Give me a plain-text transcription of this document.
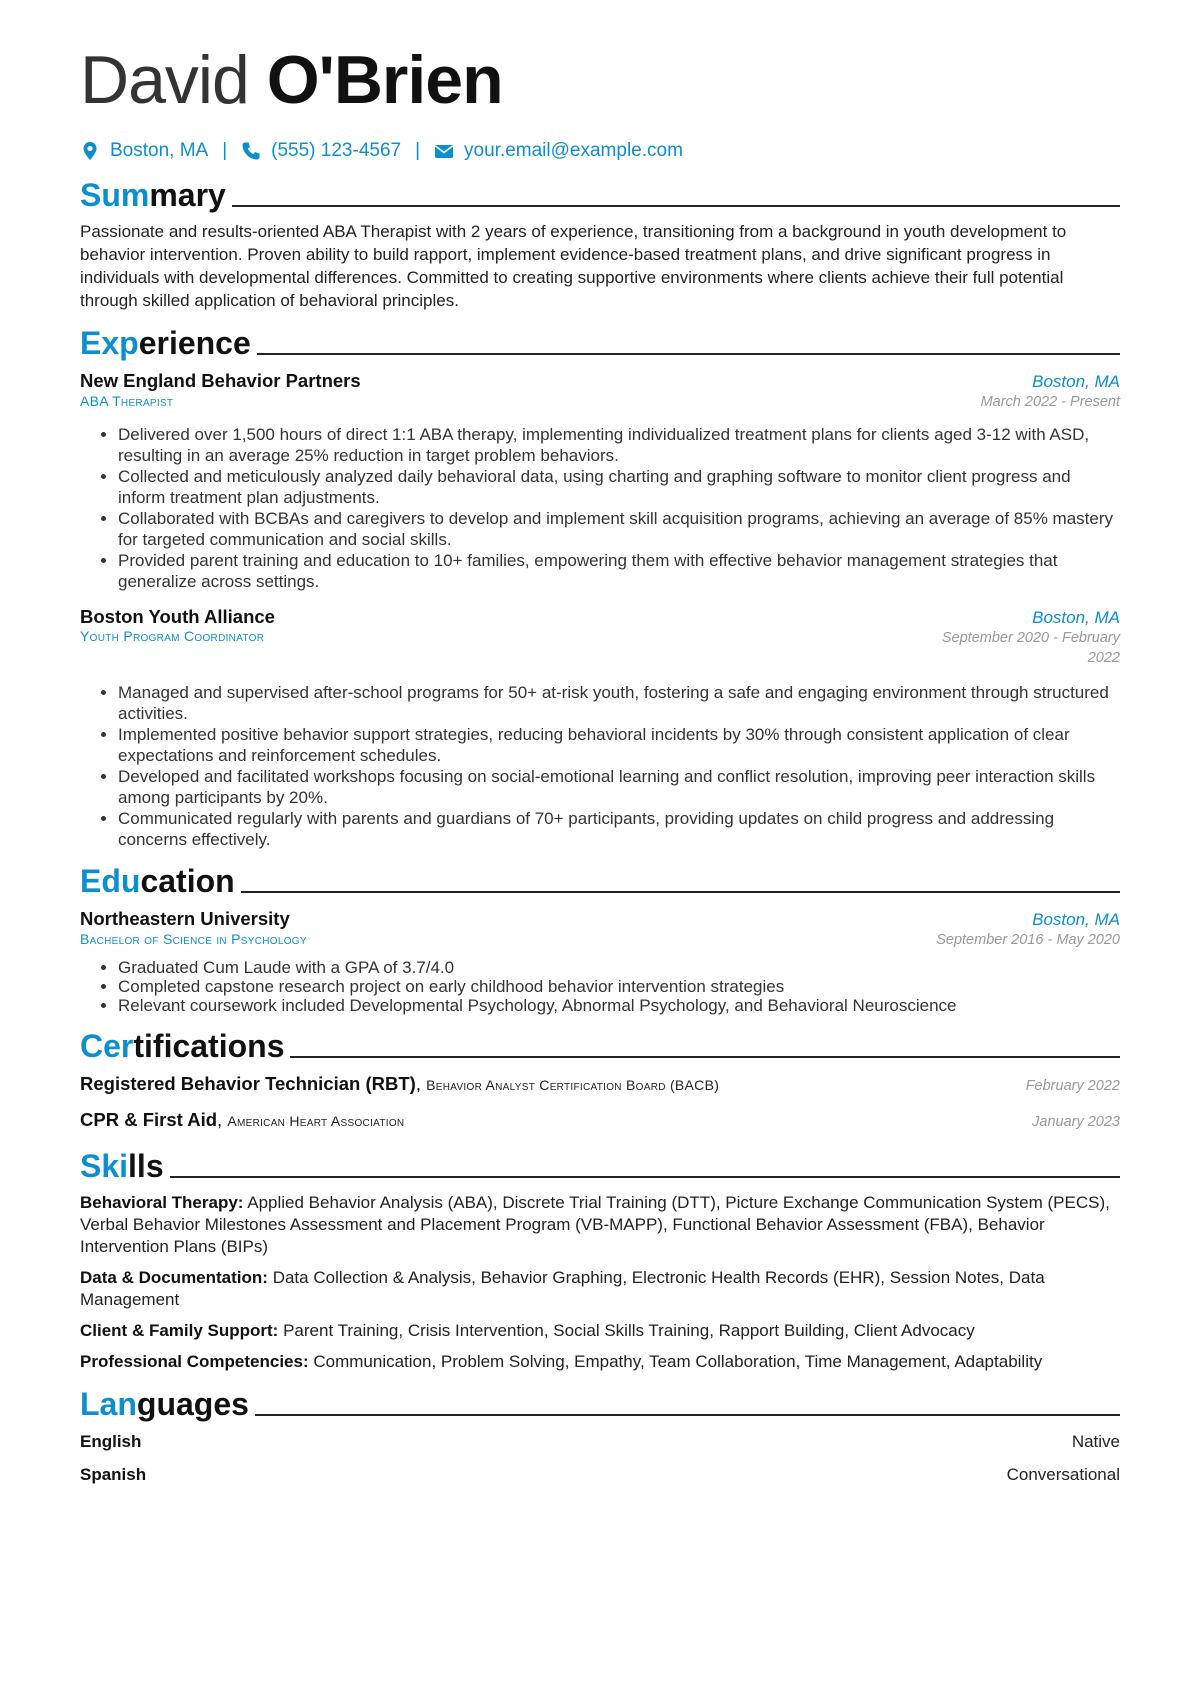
David O'Brien
Boston, MA | (555) 123-4567 | your.email@example.com
Summary

Passionate and results-oriented ABA Therapist with 2 years of experience, transitioning from a background in youth development to behavior intervention. Proven ability to build rapport, implement evidence-based treatment plans, and drive significant progress in individuals with developmental differences. Committed to creating supportive environments where clients achieve their full potential through skilled application of behavioral principles.

Experience
New England Behavior Partners	Boston, MA
ABA Therapist	March 2022 - Present
• Delivered over 1,500 hours of direct 1:1 ABA therapy, implementing individualized treatment plans for clients aged 3-12 with ASD, resulting in an average 25% reduction in target problem behaviors.
• Collected and meticulously analyzed daily behavioral data, using charting and graphing software to monitor client progress and inform treatment plan adjustments.
• Collaborated with BCBAs and caregivers to develop and implement skill acquisition programs, achieving an average of 85% mastery for targeted communication and social skills.
• Provided parent training and education to 10+ families, empowering them with effective behavior management strategies that generalize across settings.
Boston Youth Alliance	Boston, MA
Youth Program Coordinator	September 2020 - February 2022
• Managed and supervised after-school programs for 50+ at-risk youth, fostering a safe and engaging environment through structured activities.
• Implemented positive behavior support strategies, reducing behavioral incidents by 30% through consistent application of clear expectations and reinforcement schedules.
• Developed and facilitated workshops focusing on social-emotional learning and conflict resolution, improving peer interaction skills among participants by 20%.
• Communicated regularly with parents and guardians of 70+ participants, providing updates on child progress and addressing concerns effectively.
Education
Northeastern University	Boston, MA
Bachelor of Science in Psychology	September 2016 - May 2020
• Graduated Cum Laude with a GPA of 3.7/4.0
• Completed capstone research project on early childhood behavior intervention strategies
• Relevant coursework included Developmental Psychology, Abnormal Psychology, and Behavioral Neuroscience
Certifications
Registered Behavior Technician (RBT), Behavior Analyst Certification Board (BACB)	February 2022
CPR & First Aid, American Heart Association	January 2023
Skills
Behavioral Therapy: Applied Behavior Analysis (ABA), Discrete Trial Training (DTT), Picture Exchange Communication System (PECS), Verbal Behavior Milestones Assessment and Placement Program (VB-MAPP), Functional Behavior Assessment (FBA), Behavior Intervention Plans (BIPs)
Data & Documentation: Data Collection & Analysis, Behavior Graphing, Electronic Health Records (EHR), Session Notes, Data Management
Client & Family Support: Parent Training, Crisis Intervention, Social Skills Training, Rapport Building, Client Advocacy
Professional Competencies: Communication, Problem Solving, Empathy, Team Collaboration, Time Management, Adaptability
Languages
English	Native
Spanish	Conversational
